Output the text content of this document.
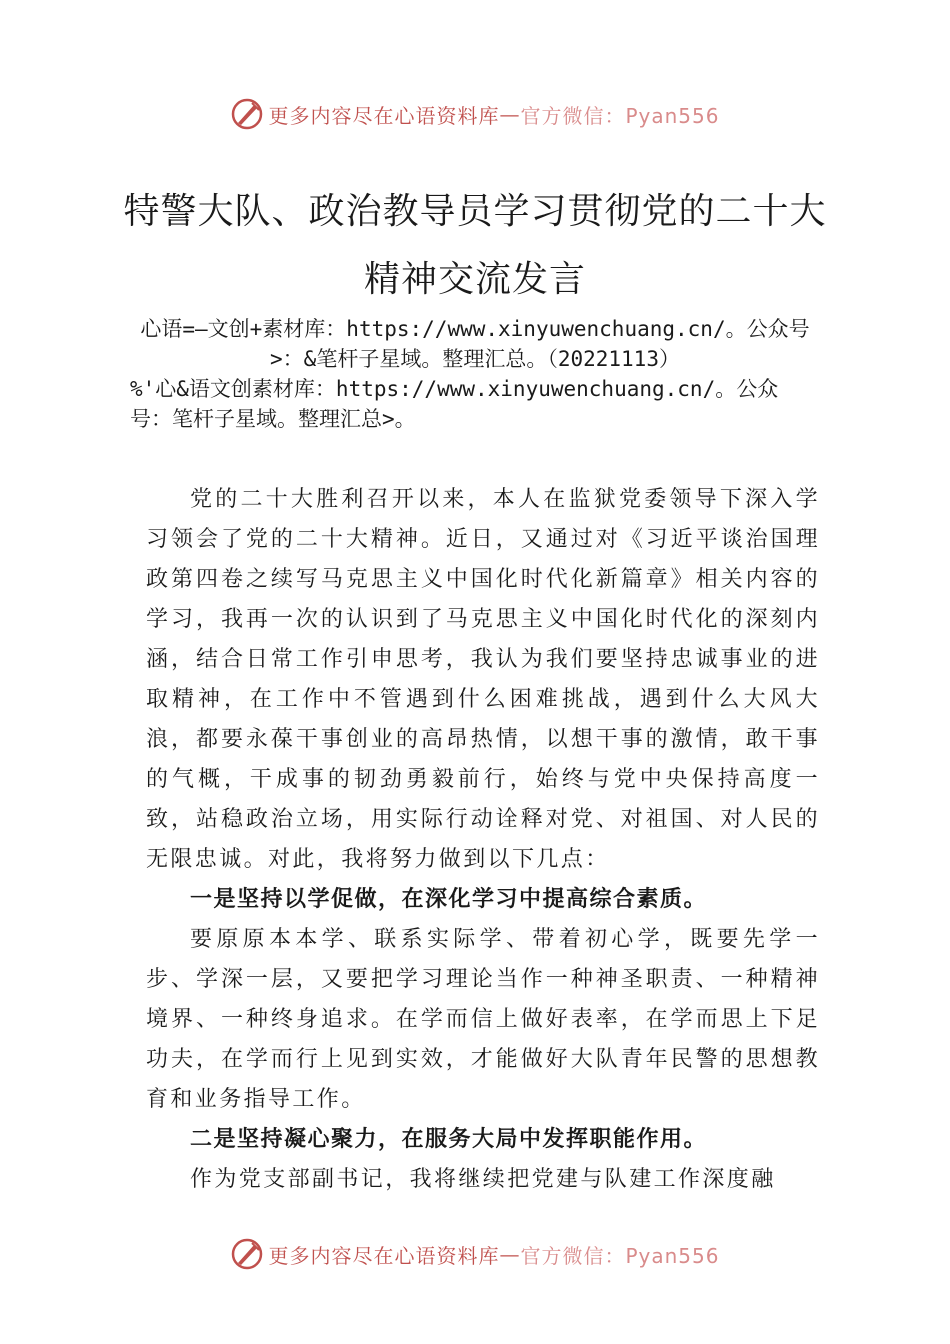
更多内容尽在心语资料库 — 官方微信：Pyan556
特警大队、政治教导员学习贯彻党的二十大精神交流发言
心语=—文创+素材库：https://www.xinyuwenchuang.cn/。公众号>：&笔杆子星域。整理汇总。（20221113）
%'心&语文创素材库：https://www.xinyuwenchuang.cn/。公众号：笔杆子星域。整理汇总>。

党的二十大胜利召开以来，本人在监狱党委领导下深入学习领会了党的二十大精神。近日，又通过对《习近平谈治国理政第四卷之续写马克思主义中国化时代化新篇章》相关内容的学习，我再一次的认识到了马克思主义中国化时代化的深刻内涵，结合日常工作引申思考，我认为我们要坚持忠诚事业的进取精神，在工作中不管遇到什么困难挑战，遇到什么大风大浪，都要永葆干事创业的高昂热情，以想干事的激情，敢干事的气概，干成事的韧劲勇毅前行，始终与党中央保持高度一致，站稳政治立场，用实际行动诠释对党、对祖国、对人民的无限忠诚。对此，我将努力做到以下几点：

一是坚持以学促做，在深化学习中提高综合素质。

要原原本本学、联系实际学、带着初心学，既要先学一步、学深一层，又要把学习理论当作一种神圣职责、一种精神境界、一种终身追求。在学而信上做好表率，在学而思上下足功夫，在学而行上见到实效，才能做好大队青年民警的思想教育和业务指导工作。

二是坚持凝心聚力，在服务大局中发挥职能作用。

作为党支部副书记，我将继续把党建与队建工作深度融

更多内容尽在心语资料库 — 官方微信：Pyan556
